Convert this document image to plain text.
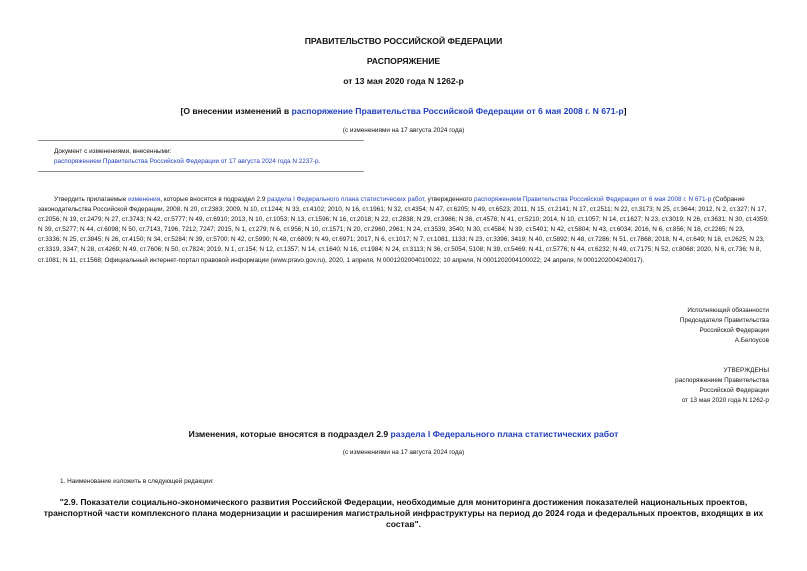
ПРАВИТЕЛЬСТВО РОССИЙСКОЙ ФЕДЕРАЦИИ
РАСПОРЯЖЕНИЕ
от 13 мая 2020 года N 1262-р
[О внесении изменений в распоряжение Правительства Российской Федерации от 6 мая 2008 г. N 671-р]
(с изменениями на 17 августа 2024 года)
Документ с изменениями, внесенными:
распоряжением Правительства Российской Федерации от 17 августа 2024 года N 2237-р.
Утвердить прилагаемые изменения, которые вносятся в подраздел 2.9 раздела I Федерального плана статистических работ, утвержденного распоряжением Правительства Российской Федерации от 6 мая 2008 г. N 671-р (Собрание законодательства Российской Федерации, 2008, N 20, ст.2383; 2009, N 10, ст.1244; N 33, ст.4102; 2010, N 16, ст.1961; N 32, ст.4354; N 47, ст.6205; N 49, ст.6523; 2011, N 15, ст.2141; N 17, ст.2511; N 22, ст.3173; N 25, ст.3644; 2012, N 2, ст.327; N 17, ст.2056; N 19, ст.2479; N 27, ст.3743; N 42, ст.5777; N 49, ст.6910; 2013, N 10, ст.1053; N 13, ст.1596; N 16, ст.2018; N 22, ст.2838; N 29, ст.3986; N 36, ст.4578; N 41, ст.5210; 2014, N 10, ст.1057; N 14, ст.1627; N 23, ст.3019; N 26, ст.3631; N 30, ст.4359; N 39, ст.5277; N 44, ст.6098; N 50, ст.7143, 7196, 7212, 7247; 2015, N 1, ст.279; N 6, ст.956; N 10, ст.1571; N 20, ст.2960, 2961; N 24, ст.3539, 3540; N 30, ст.4584; N 39, ст.5401; N 42, ст.5804; N 43, ст.6034; 2016, N 6, ст.856; N 16, ст.2265; N 23, ст.3336; N 25, ст.3845; N 26, ст.4150; N 34, ст.5284; N 39, ст.5700; N 42, ст.5990; N 48, ст.6809; N 49, ст.6971; 2017, N 6, ст.1017; N 7, ст.1081, 1133; N 23, ст.3396, 3419; N 40, ст.5892; N 48, ст.7286; N 51, ст.7868; 2018, N 4, ст.649; N 18, ст.2625; N 23, ст.3319, 3347; N 28, ст.4269; N 49, ст.7606; N 50, ст.7824; 2019, N 1, ст.154; N 12, ст.1357; N 14, ст.1640; N 16, ст.1984; N 24, ст.3113; N 36, ст.5054, 5108; N 39, ст.5469; N 41, ст.5776; N 44, ст.6232; N 49, ст.7175; N 52, ст.8068; 2020, N 6, ст.736; N 8, ст.1081; N 11, ст.1568; Официальный интернет-портал правовой информации (www.pravo.gov.ru), 2020, 1 апреля, N 0001202004010022; 10 апреля, N 0001202004100022; 24 апреля, N 0001202004240017).
Исполняющий обязанности
Председателя Правительства
Российской Федерации
А.Белоусов
УТВЕРЖДЕНЫ
распоряжением Правительства
Российской Федерации
от 13 мая 2020 года N 1262-р
Изменения, которые вносятся в подраздел 2.9 раздела I Федерального плана статистических работ
(с изменениями на 17 августа 2024 года)
1. Наименование изложить в следующей редакции:
"2.9. Показатели социально-экономического развития Российской Федерации, необходимые для мониторинга достижения показателей национальных проектов, транспортной части комплексного плана модернизации и расширения магистральной инфраструктуры на период до 2024 года и федеральных проектов, входящих в их состав".
